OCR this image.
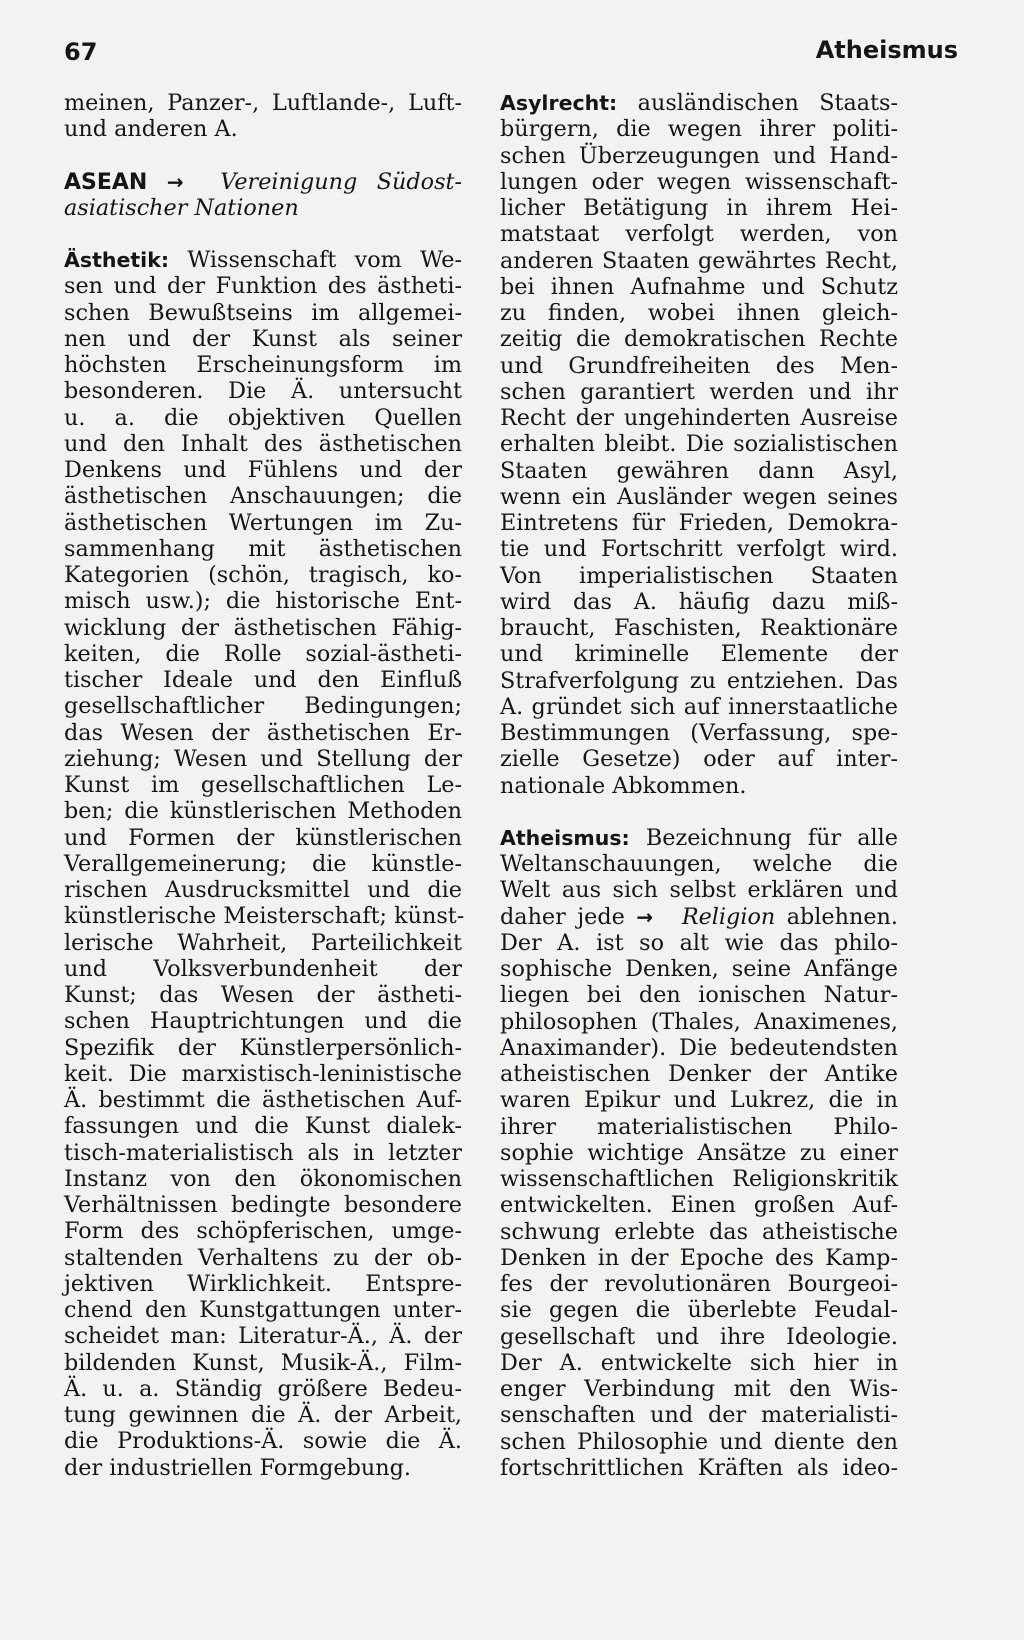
67	Atheismus
meinen, Panzer-, Luftlande-, Luft-
und anderen A.
ASEAN → Vereinigung Südost-
asiatischer Nationen
Ästhetik: Wissenschaft vom We-
sen und der Funktion des ästheti-
schen Bewußtseins im allgemei-
nen und der Kunst als seiner
höchsten Erscheinungsform im
besonderen. Die Ä. untersucht
u. a. die objektiven Quellen
und den Inhalt des ästhetischen
Denkens und Fühlens und der
ästhetischen Anschauungen; die
ästhetischen Wertungen im Zu-
sammenhang mit ästhetischen
Kategorien (schön, tragisch, ko-
misch usw.); die historische Ent-
wicklung der ästhetischen Fähig-
keiten, die Rolle sozial-ästheti-
tischer Ideale und den Einfluß
gesellschaftlicher Bedingungen;
das Wesen der ästhetischen Er-
ziehung; Wesen und Stellung der
Kunst im gesellschaftlichen Le-
ben; die künstlerischen Methoden
und Formen der künstlerischen
Verallgemeinerung; die künstle-
rischen Ausdrucksmittel und die
künstlerische Meisterschaft; künst-
lerische Wahrheit, Parteilichkeit
und Volksverbundenheit der
Kunst; das Wesen der ästheti-
schen Hauptrichtungen und die
Spezifik der Künstlerpersönlich-
keit. Die marxistisch-leninistische
Ä. bestimmt die ästhetischen Auf-
fassungen und die Kunst dialek-
tisch-materialistisch als in letzter
Instanz von den ökonomischen
Verhältnissen bedingte besondere
Form des schöpferischen, umge-
staltenden Verhaltens zu der ob-
jektiven Wirklichkeit. Entspre-
chend den Kunstgattungen unter-
scheidet man: Literatur-Ä., Ä. der
bildenden Kunst, Musik-Ä., Film-
Ä. u. a. Ständig größere Bedeu-
tung gewinnen die Ä. der Arbeit,
die Produktions-Ä. sowie die Ä.
der industriellen Formgebung.
Asylrecht: ausländischen Staats-
bürgern, die wegen ihrer politi-
schen Überzeugungen und Hand-
lungen oder wegen wissenschaft-
licher Betätigung in ihrem Hei-
matstaat verfolgt werden, von
anderen Staaten gewährtes Recht,
bei ihnen Aufnahme und Schutz
zu finden, wobei ihnen gleich-
zeitig die demokratischen Rechte
und Grundfreiheiten des Men-
schen garantiert werden und ihr
Recht der ungehinderten Ausreise
erhalten bleibt. Die sozialistischen
Staaten gewähren dann Asyl,
wenn ein Ausländer wegen seines
Eintretens für Frieden, Demokra-
tie und Fortschritt verfolgt wird.
Von imperialistischen Staaten
wird das A. häufig dazu miß-
braucht, Faschisten, Reaktionäre
und kriminelle Elemente der
Strafverfolgung zu entziehen. Das
A. gründet sich auf innerstaatliche
Bestimmungen (Verfassung, spe-
zielle Gesetze) oder auf inter-
nationale Abkommen.
Atheismus: Bezeichnung für alle
Weltanschauungen, welche die
Welt aus sich selbst erklären und
daher jede → Religion ablehnen.
Der A. ist so alt wie das philo-
sophische Denken, seine Anfänge
liegen bei den ionischen Natur-
philosophen (Thales, Anaximenes,
Anaximander). Die bedeutendsten
atheistischen Denker der Antike
waren Epikur und Lukrez, die in
ihrer materialistischen Philo-
sophie wichtige Ansätze zu einer
wissenschaftlichen Religionskritik
entwickelten. Einen großen Auf-
schwung erlebte das atheistische
Denken in der Epoche des Kamp-
fes der revolutionären Bourgeoi-
sie gegen die überlebte Feudal-
gesellschaft und ihre Ideologie.
Der A. entwickelte sich hier in
enger Verbindung mit den Wis-
senschaften und der materialisti-
schen Philosophie und diente den
fortschrittlichen Kräften als ideo-
